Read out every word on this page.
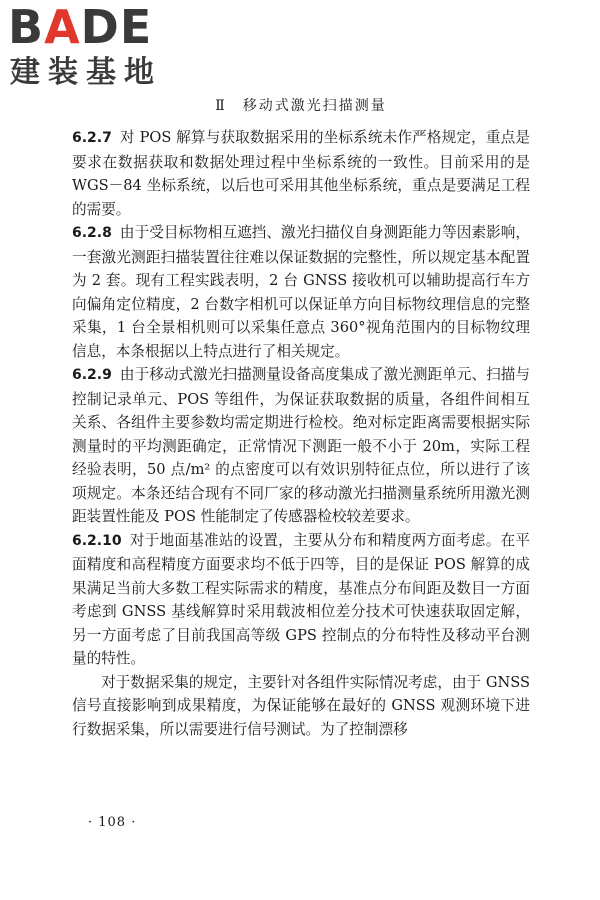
BADE
建装基地
Ⅱ　移动式激光扫描测量

6.2.7 对 POS 解算与获取数据采用的坐标系统未作严格规定，重点是要求在数据获取和数据处理过程中坐标系统的一致性。目前采用的是 WGS－84 坐标系统，以后也可采用其他坐标系统，重点是要满足工程的需要。

6.2.8 由于受目标物相互遮挡、激光扫描仪自身测距能力等因素影响，一套激光测距扫描装置往往难以保证数据的完整性，所以规定基本配置为 2 套。现有工程实践表明，2 台 GNSS 接收机可以辅助提高行车方向偏角定位精度，2 台数字相机可以保证单方向目标物纹理信息的完整采集，1 台全景相机则可以采集任意点 360°视角范围内的目标物纹理信息，本条根据以上特点进行了相关规定。

6.2.9 由于移动式激光扫描测量设备高度集成了激光测距单元、扫描与控制记录单元、POS 等组件，为保证获取数据的质量，各组件间相互关系、各组件主要参数均需定期进行检校。绝对标定距离需要根据实际测量时的平均测距确定，正常情况下测距一般不小于 20m，实际工程经验表明，50 点/m² 的点密度可以有效识别特征点位，所以进行了该项规定。本条还结合现有不同厂家的移动激光扫描测量系统所用激光测距装置性能及 POS 性能制定了传感器检校较差要求。

6.2.10 对于地面基准站的设置，主要从分布和精度两方面考虑。在平面精度和高程精度方面要求均不低于四等，目的是保证 POS 解算的成果满足当前大多数工程实际需求的精度，基准点分布间距及数目一方面考虑到 GNSS 基线解算时采用载波相位差分技术可快速获取固定解，另一方面考虑了目前我国高等级 GPS 控制点的分布特性及移动平台测量的特性。

对于数据采集的规定，主要针对各组件实际情况考虑，由于 GNSS 信号直接影响到成果精度，为保证能够在最好的 GNSS 观测环境下进行数据采集，所以需要进行信号测试。为了控制漂移

· 108 ·
